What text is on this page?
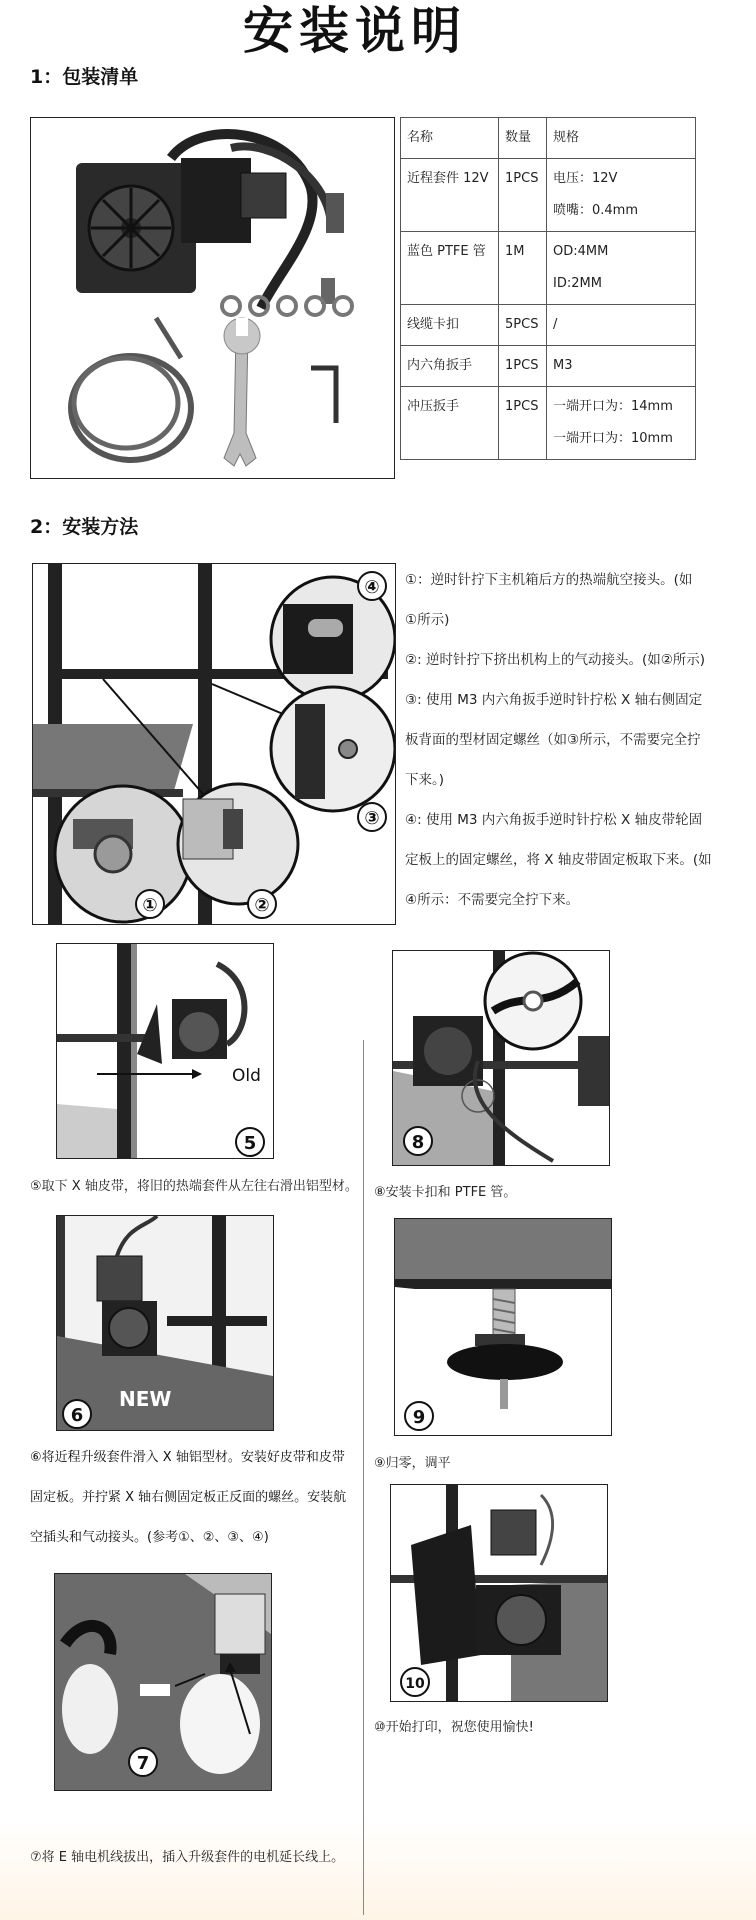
安装说明
1：包装清单
名称	数量	规格

近程套件 12V	1PCS	电压：12V
喷嘴：0.4mm

蓝色 PTFE 管	1M	OD:4MM
ID:2MM

线缆卡扣	5PCS	/

内六角扳手	1PCS	M3

冲压扳手	1PCS	一端开口为：14mm
一端开口为：10mm
2：安装方法
④
③
①	②

①：逆时针拧下主机箱后方的热端航空接头。(如

①所示)

②: 逆时针拧下挤出机构上的气动接头。(如②所示)

③: 使用 M3 内六角扳手逆时针拧松 X 轴右侧固定

板背面的型材固定螺丝（如③所示，不需要完全拧

下来。)

④: 使用 M3 内六角扳手逆时针拧松 X 轴皮带轮固

定板上的固定螺丝，将 X 轴皮带固定板取下来。(如

④所示：不需要完全拧下来。

Old
5
⑤取下 X 轴皮带，将旧的热端套件从左往右滑出铝型材。
NEW
6

⑥将近程升级套件滑入 X 轴铝型材。安装好皮带和皮带

固定板。并拧紧 X 轴右侧固定板正反面的螺丝。安装航

空插头和气动接头。(参考①、②、③、④)

7
⑦将 E 轴电机线拔出，插入升级套件的电机延长线上。
8
⑧安装卡扣和 PTFE 管。
9
⑨归零，调平
10
⑩开始打印，祝您使用愉快!
